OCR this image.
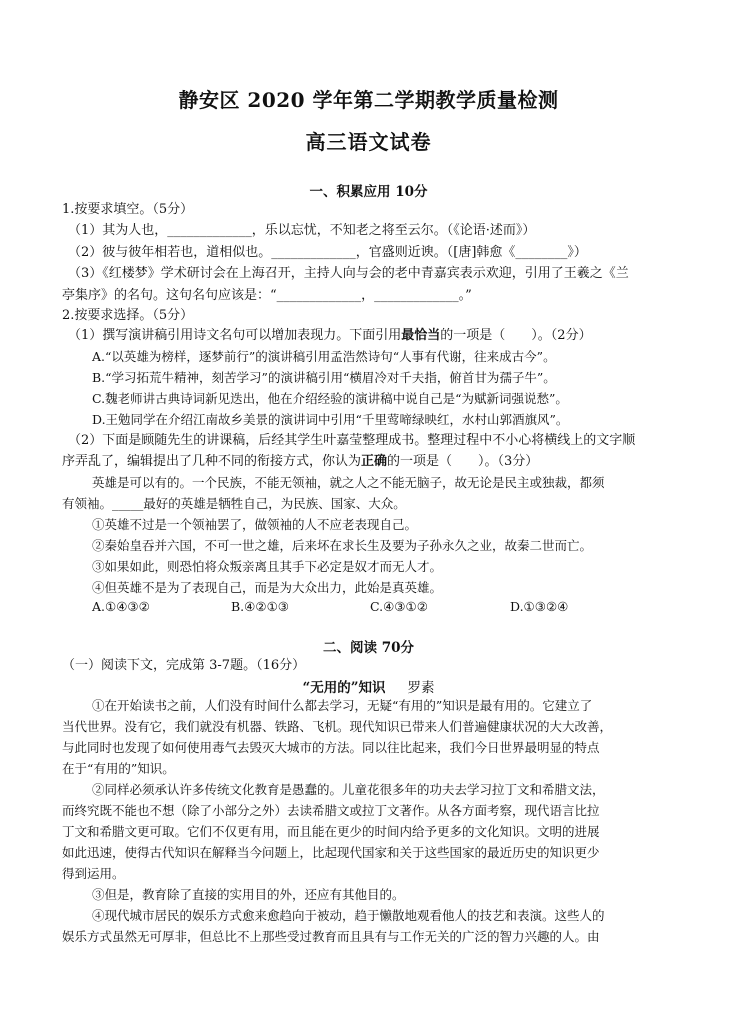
静安区 2020 学年第二学期教学质量检测
高三语文试卷
一、积累应用 10分
1.按要求填空。（5分）
（1）其为人也，_____________，乐以忘忧，不知老之将至云尔。（《论语·述而》）
（2）彼与彼年相若也，道相似也。_____________，官盛则近谀。（[唐]韩愈《________》）
（3）《红楼梦》学术研讨会在上海召开，主持人向与会的老中青嘉宾表示欢迎，引用了王羲之《兰
亭集序》的名句。这句名句应该是：“_____________，_____________。”
2.按要求选择。（5分）
（1）撰写演讲稿引用诗文名句可以增加表现力。下面引用最恰当的一项是（　　）。（2分）
A.“以英雄为榜样，逐梦前行”的演讲稿引用孟浩然诗句“人事有代谢，往来成古今”。
B.“学习拓荒牛精神，刻苦学习”的演讲稿引用“横眉冷对千夫指，俯首甘为孺子牛”。
C.魏老师讲古典诗词新见迭出，他在介绍经验的演讲稿中说自己是“为赋新词强说愁”。
D.王勉同学在介绍江南故乡美景的演讲词中引用“千里莺啼绿映红，水村山郭酒旗风”。
（2）下面是顾随先生的讲课稿，后经其学生叶嘉莹整理成书。整理过程中不小心将横线上的文字顺
序弄乱了，编辑提出了几种不同的衔接方式，你认为正确的一项是（　　）。（3分）
英雄是可以有的。一个民族，不能无领袖，就之人之不能无脑子，故无论是民主或独裁，都须
有领袖。_____最好的英雄是牺牲自己，为民族、国家、大众。
①英雄不过是一个领袖罢了，做领袖的人不应老表现自己。
②秦始皇吞并六国，不可一世之雄，后来坏在求长生及要为子孙永久之业，故秦二世而亡。
③如果如此，则恐怕将众叛亲离且其手下必定是奴才而无人才。
④但英雄不是为了表现自己，而是为大众出力，此始是真英雄。
A.①④③②	B.④②①③	C.④③①②	D.①③②④
二、阅读 70分
（一）阅读下文，完成第 3-7题。（16分）
“无用的”知识 罗素
①在开始读书之前，人们没有时间什么都去学习，无疑“有用的”知识是最有用的。它建立了
当代世界。没有它，我们就没有机器、铁路、飞机。现代知识已带来人们普遍健康状况的大大改善，
与此同时也发现了如何使用毒气去毁灭大城市的方法。同以往比起来，我们今日世界最明显的特点
在于“有用的”知识。
②同样必须承认许多传统文化教育是愚蠢的。儿童花很多年的功夫去学习拉丁文和希腊文法，
而终究既不能也不想（除了小部分之外）去读希腊文或拉丁文著作。从各方面考察，现代语言比拉
丁文和希腊文更可取。它们不仅更有用，而且能在更少的时间内给予更多的文化知识。文明的进展
如此迅速，使得古代知识在解释当今问题上，比起现代国家和关于这些国家的最近历史的知识更少
得到运用。
③但是，教育除了直接的实用目的外，还应有其他目的。
④现代城市居民的娱乐方式愈来愈趋向于被动，趋于懒散地观看他人的技艺和表演。这些人的
娱乐方式虽然无可厚非，但总比不上那些受过教育而且具有与工作无关的广泛的智力兴趣的人。由
